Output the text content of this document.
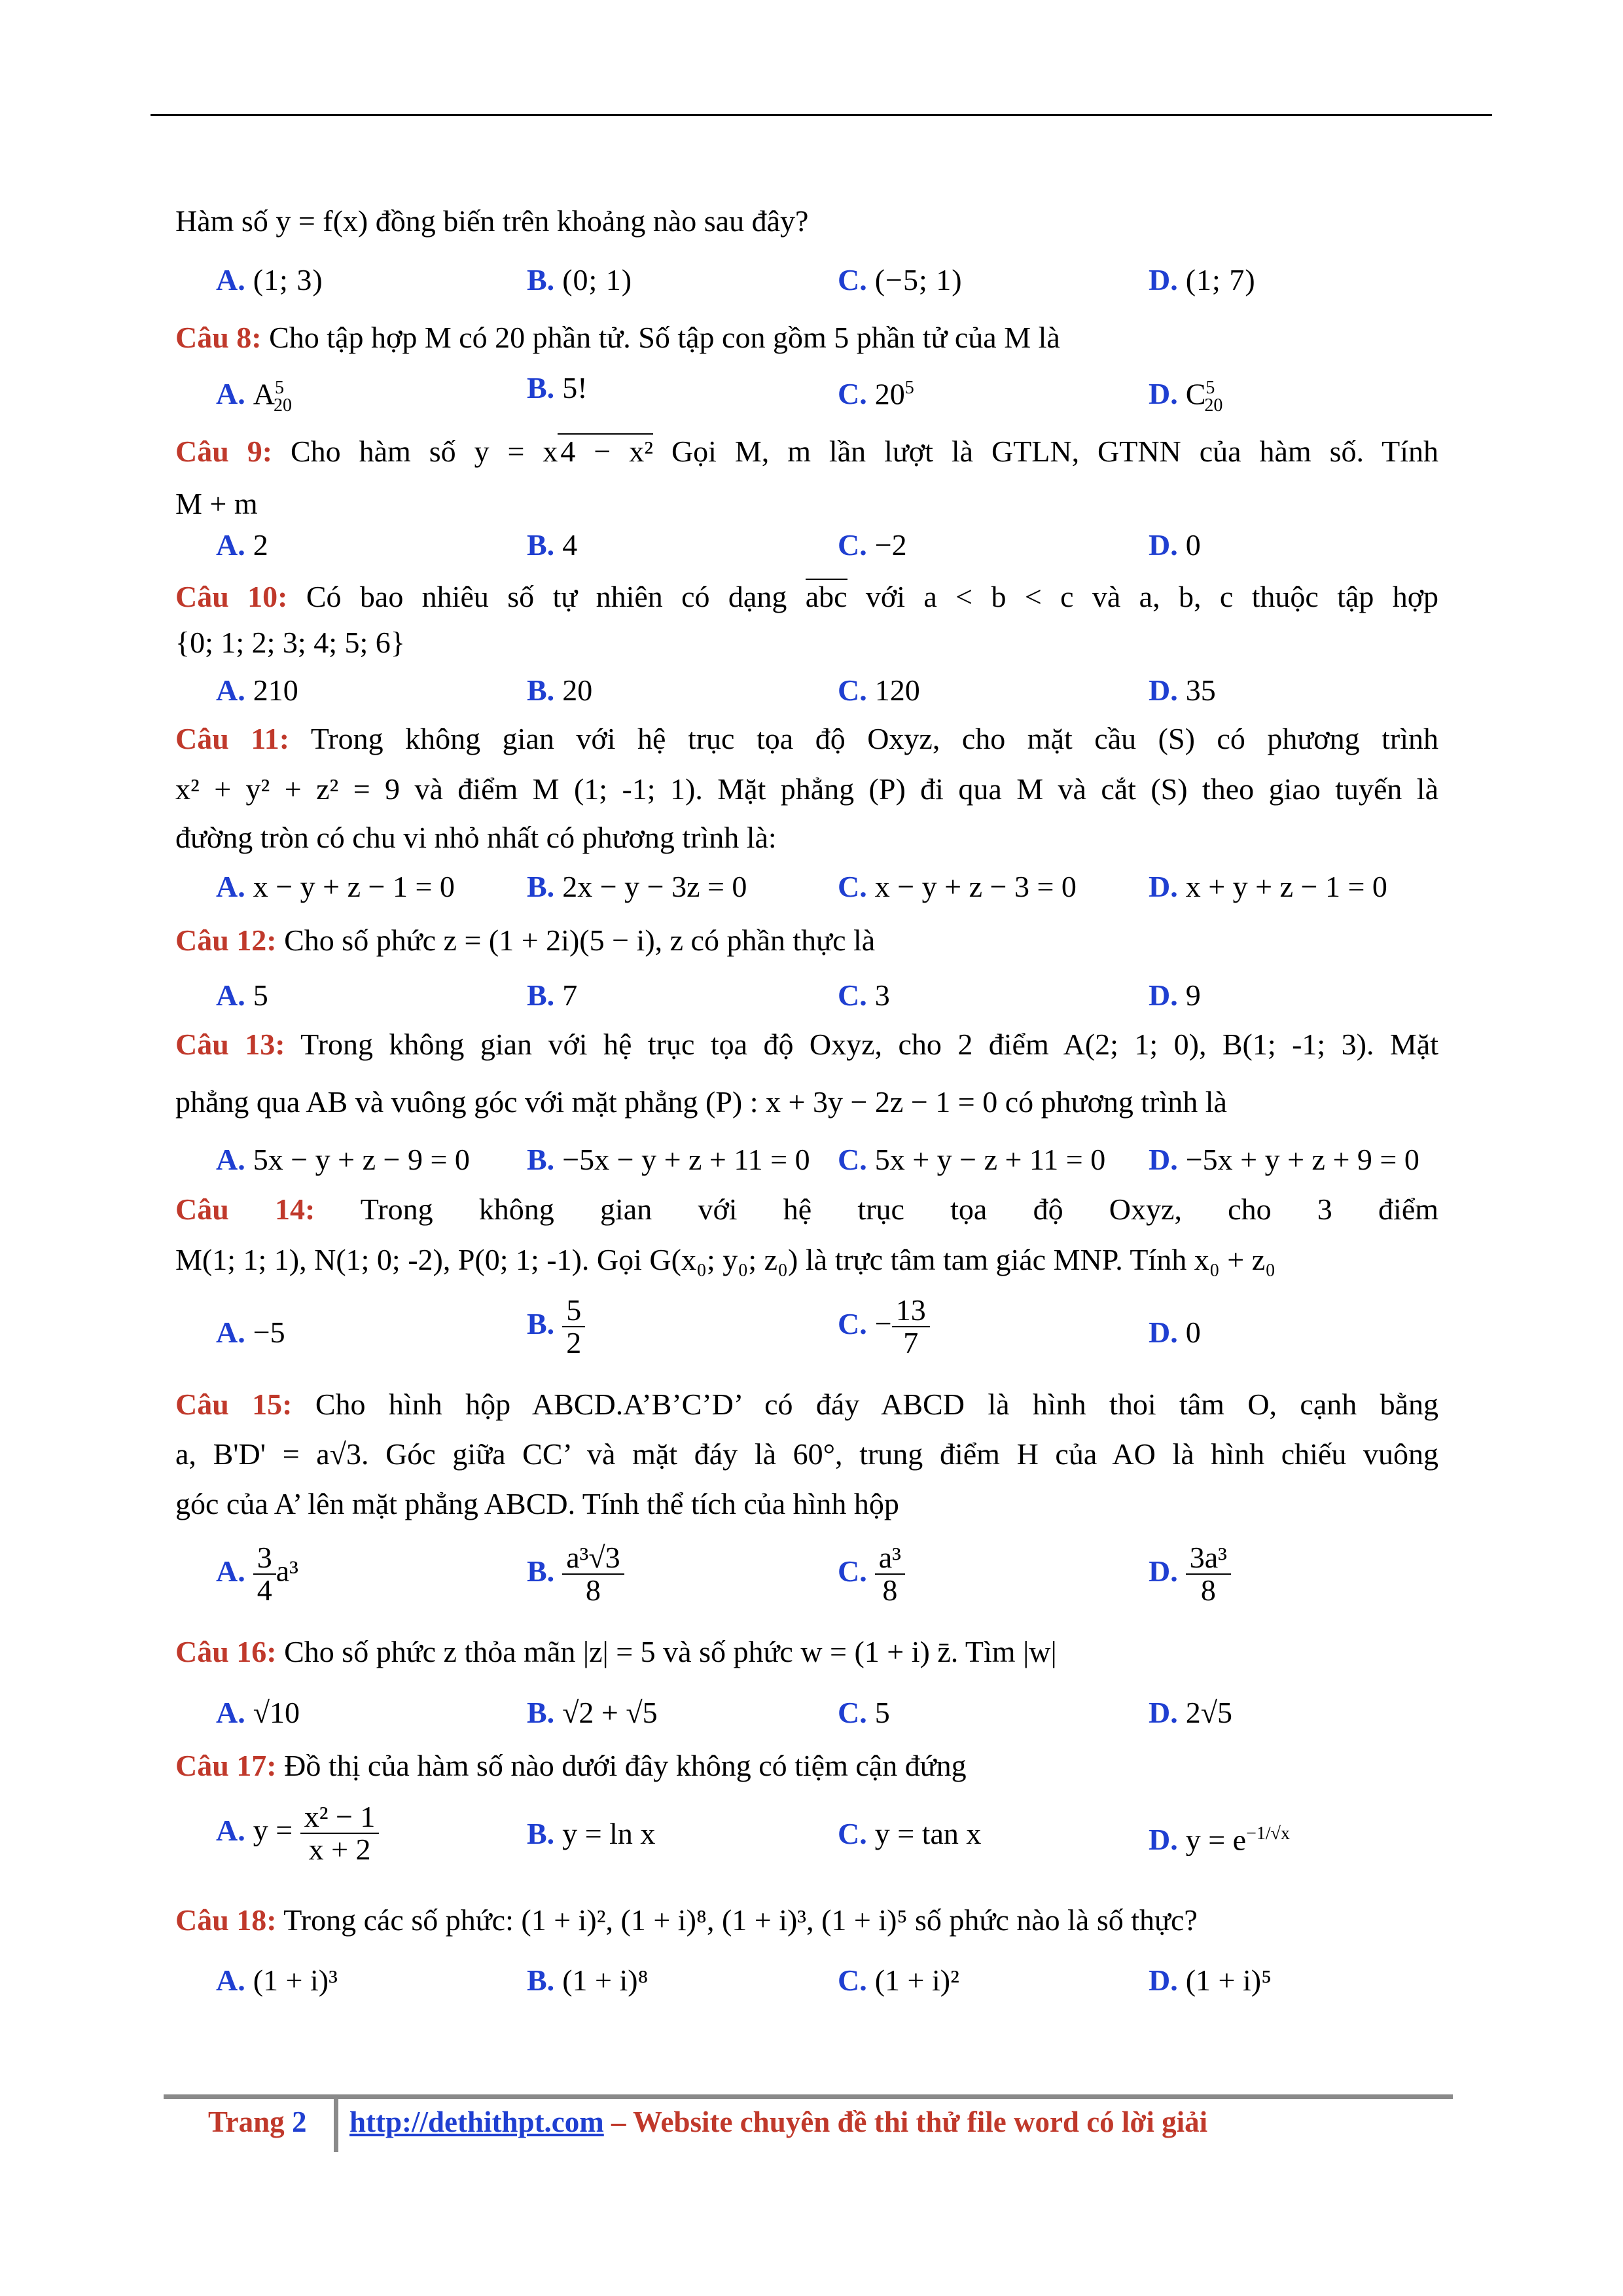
Hàm số y = f(x) đồng biến trên khoảng nào sau đây?
A. (1; 3)	B. (0; 1)	C. (−5; 1)	D. (1; 7)
Câu 8: Cho tập hợp M có 20 phần tử. Số tập con gồm 5 phần tử của M là
A. $A^5_{20}$
B. 5!	C. $20^5$	D. $C^5_{20}$
Câu 9: Cho hàm số y = x4 − x² Gọi M, m lần lượt là GTLN, GTNN của hàm số. Tính
M + m
A. 2	B. 4	C. −2	D. 0
Câu 10: Có bao nhiêu số tự nhiên có dạng abc với a < b < c và a, b, c thuộc tập hợp
{0; 1; 2; 3; 4; 5; 6}
A. 210	B. 20	C. 120	D. 35
Câu 11: Trong không gian với hệ trục tọa độ Oxyz, cho mặt cầu (S) có phương trình
x² + y² + z² = 9 và điểm M (1; -1; 1). Mặt phẳng (P) đi qua M và cắt (S) theo giao tuyến là
đường tròn có chu vi nhỏ nhất có phương trình là:
A. x − y + z − 1 = 0 B. 2x − y − 3z = 0	C. x − y + z − 3 = 0 D. x + y + z − 1 = 0
Câu 12: Cho số phức z = (1 + 2i)(5 − i), z có phần thực là
A. 5	B. 7	C. 3	D. 9
Câu 13: Trong không gian với hệ trục tọa độ Oxyz, cho 2 điểm A(2; 1; 0), B(1; -1; 3). Mặt
phẳng qua AB và vuông góc với mặt phẳng (P) : x + 3y − 2z − 1 = 0 có phương trình là
A. 5x − y + z − 9 = 0 B. −5x − y + z + 11 = 0 C. 5x + y − z + 11 = 0 D. −5x + y + z + 9 = 0
Câu 14: Trong không gian với hệ trục tọa độ Oxyz, cho 3 điểm
M(1; 1; 1), N(1; 0; -2), P(0; 1; -1). Gọi G(x₀; y₀; z₀) là trực tâm tam giác MNP. Tính x₀ + z₀
A. −5	B. $\frac{5}{2}$	C. − $\frac{13}{7}$	D. 0
Câu 15: Cho hình hộp ABCD.A’B’C’D’ có đáy ABCD là hình thoi tâm O, cạnh bằng
a, B'D' = a√3. Góc giữa CC’ và mặt đáy là 60°, trung điểm H của AO là hình chiếu vuông
góc của A’ lên mặt phẳng ABCD. Tính thể tích của hình hộp
A. $\frac{3}{4} a^3$	B. $\frac{\text{a³√3}}{8}$	C. $\frac{\text{a³}}{8}$	D. $\frac{\text{3a³}}{8}$
Câu 16: Cho số phức z thỏa mãn |z| = 5 và số phức w = (1 + i) z̄. Tìm |w|
A. √10	B. √2 + √5	C. 5	D. 2√5
Câu 17: Đồ thị của hàm số nào dưới đây không có tiệm cận đứng
A. $y = \frac{\text{x² − 1}}{x + 2}$	B. y = ln x	C. y = tan x	D. $y = e^{-1/√x}$
Câu 18: Trong các số phức: (1 + i)², (1 + i)⁸, (1 + i)³, (1 + i)⁵ số phức nào là số thực?
A. (1 + i)³	B. (1 + i)⁸	C. (1 + i)²	D. (1 + i)⁵
Trang 2 http://dethithpt.com – Website chuyên đề thi thử file word có lời giải
